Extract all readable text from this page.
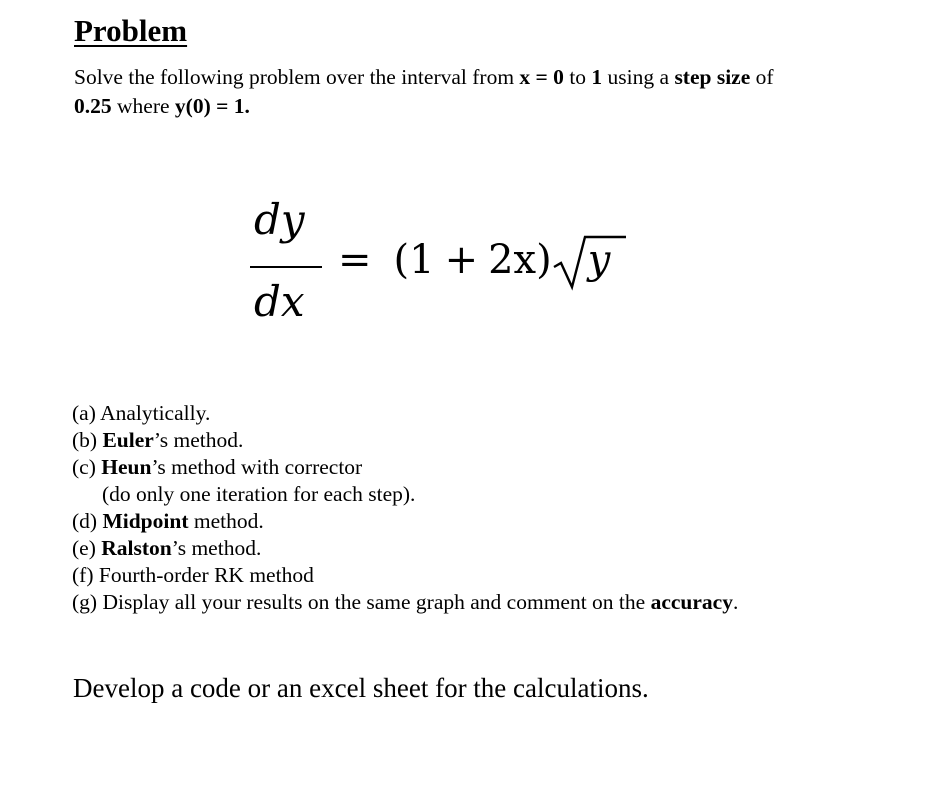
Problem
Solve the following problem over the interval from x = 0 to 1 using a step size of
0.25 where y(0) = 1.
dy
dx
= (1 + 2x) y
(a) Analytically.
(b) Euler’s method.
(c) Heun’s method with corrector
(do only one iteration for each step).
(d) Midpoint method.
(e) Ralston’s method.
(f) Fourth-order RK method
(g) Display all your results on the same graph and comment on the accuracy.
Develop a code or an excel sheet for the calculations.
